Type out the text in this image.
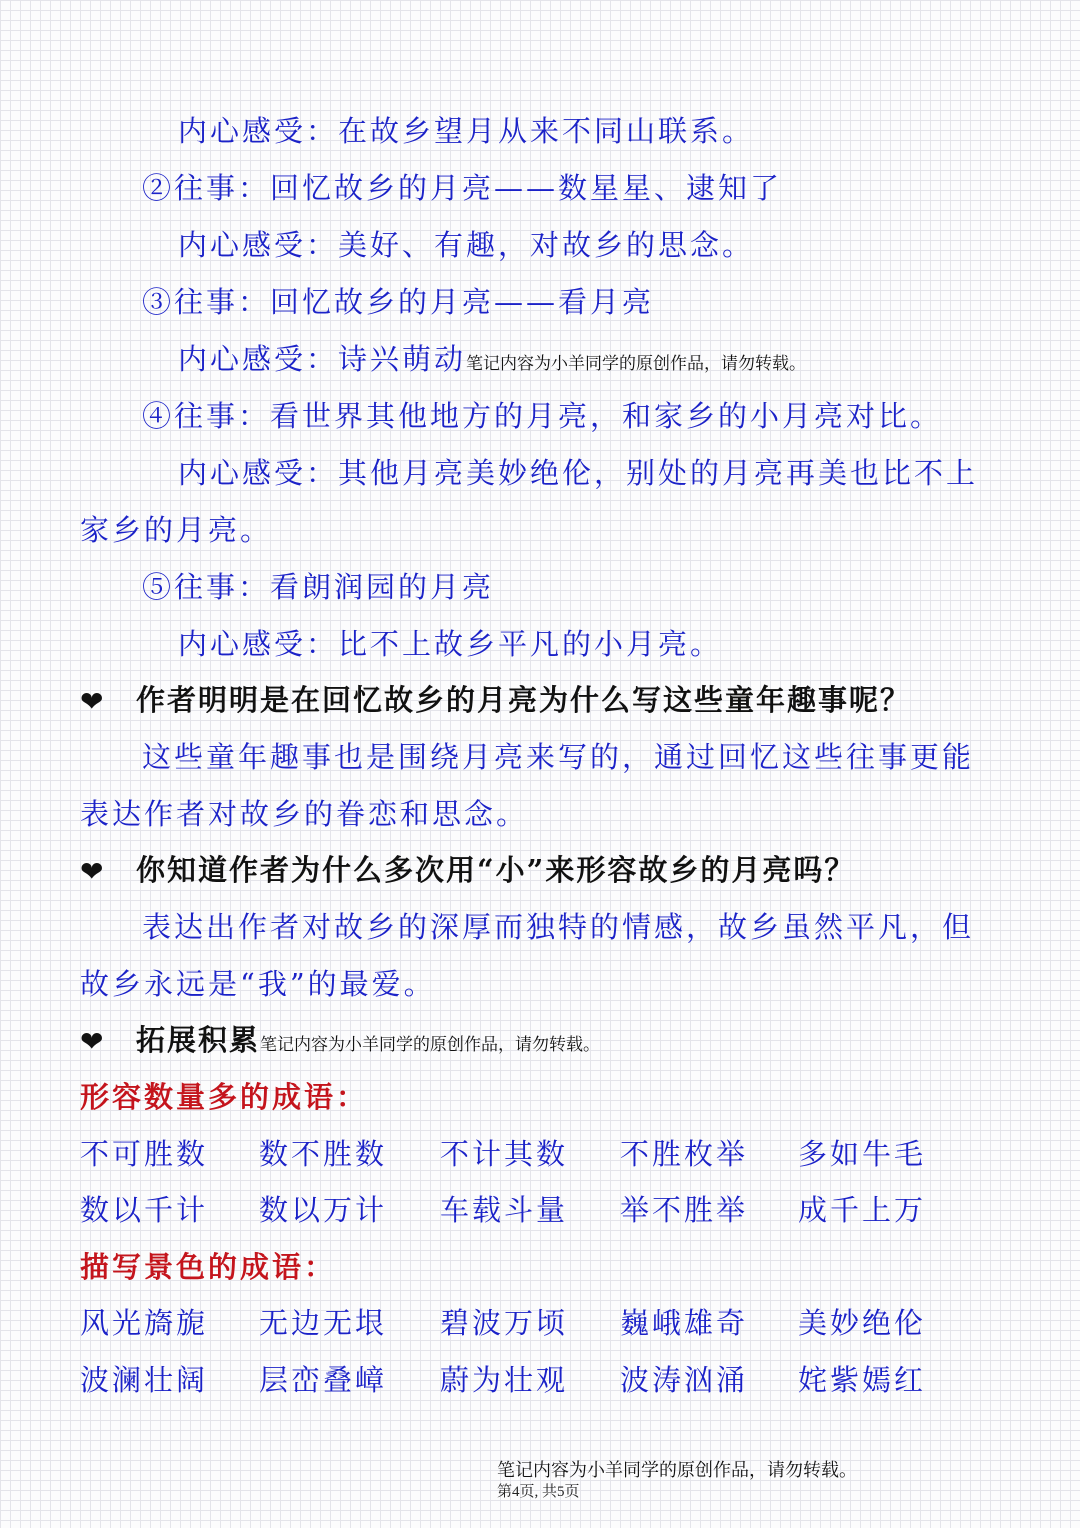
内心感受：在故乡望月从来不同山联系。
②往事：回忆故乡的月亮——数星星、逮知了
内心感受：美好、有趣，对故乡的思念。
③往事：回忆故乡的月亮——看月亮
内心感受：诗兴萌动笔记内容为小羊同学的原创作品，请勿转载。
④往事：看世界其他地方的月亮，和家乡的小月亮对比。
内心感受：其他月亮美妙绝伦，别处的月亮再美也比不上
家乡的月亮。
⑤往事：看朗润园的月亮
内心感受：比不上故乡平凡的小月亮。
❤ 作者明明是在回忆故乡的月亮为什么写这些童年趣事呢？
这些童年趣事也是围绕月亮来写的，通过回忆这些往事更能
表达作者对故乡的眷恋和思念。
❤ 你知道作者为什么多次用“小”来形容故乡的月亮吗？
表达出作者对故乡的深厚而独特的情感，故乡虽然平凡，但
故乡永远是“我”的最爱。
❤ 拓展积累笔记内容为小羊同学的原创作品，请勿转载。
形容数量多的成语：
不可胜数 数不胜数 不计其数 不胜枚举 多如牛毛
数以千计 数以万计 车载斗量 举不胜举 成千上万
描写景色的成语：
风光旖旎 无边无垠 碧波万顷 巍峨雄奇 美妙绝伦
波澜壮阔 层峦叠嶂 蔚为壮观 波涛汹涌 姹紫嫣红
笔记内容为小羊同学的原创作品，请勿转载。
第4页, 共5页
